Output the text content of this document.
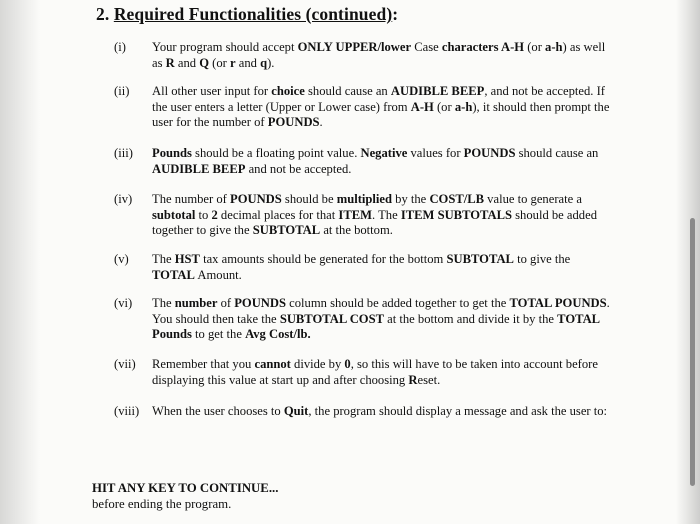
2. Required Functionalities (continued):
(i)	Your program should accept ONLY UPPER/lower Case characters A-H (or a-h) as well as R and Q (or r and q).
(ii)	All other user input for choice should cause an AUDIBLE BEEP, and not be accepted. If the user enters a letter (Upper or Lower case) from A-H (or a-h), it should then prompt the user for the number of POUNDS.
(iii)	Pounds should be a floating point value. Negative values for POUNDS should cause an AUDIBLE BEEP and not be accepted.
(iv)	The number of POUNDS should be multiplied by the COST/LB value to generate a subtotal to 2 decimal places for that ITEM. The ITEM SUBTOTALS should be added together to give the SUBTOTAL at the bottom.
(v)	The HST tax amounts should be generated for the bottom SUBTOTAL to give the TOTAL Amount.
(vi)	The number of POUNDS column should be added together to get the TOTAL POUNDS. You should then take the SUBTOTAL COST at the bottom and divide it by the TOTAL Pounds to get the Avg Cost/lb.
(vii)	Remember that you cannot divide by 0, so this will have to be taken into account before displaying this value at start up and after choosing Reset.
(viii)	When the user chooses to Quit, the program should display a message and ask the user to:
HIT ANY KEY TO CONTINUE...
before ending the program.
